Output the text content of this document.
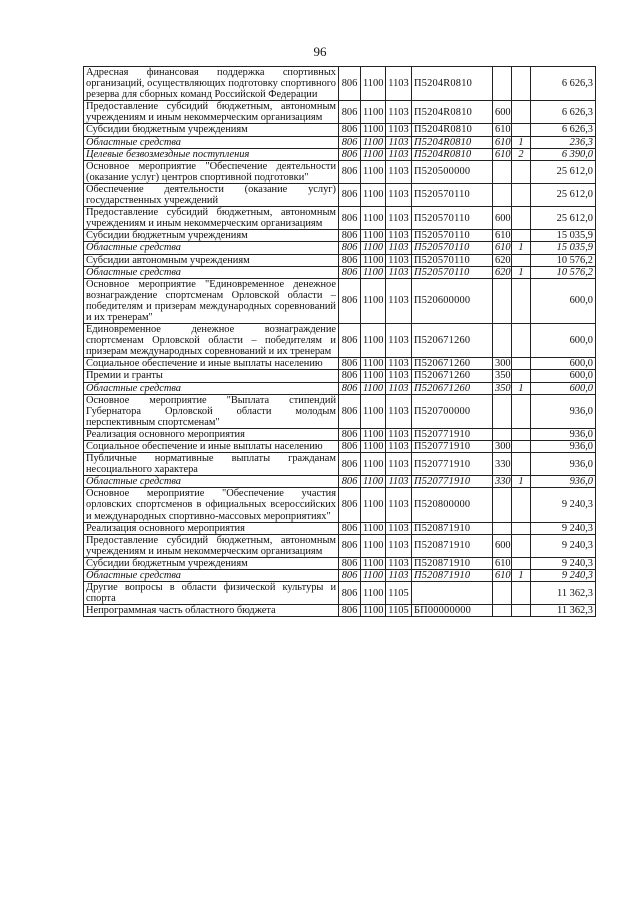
96
Адресная финансовая поддержка спортивных организаций, осуществляющих подготовку спортивного резерва для сборных команд Российской Федерации	806	1100	1103	П5204R0810			6 626,3
Предоставление субсидий бюджетным, автономным учреждениям и иным некоммерческим организациям	806	1100	1103	П5204R0810	600		6 626,3
Субсидии бюджетным учреждениям	806	1100	1103	П5204R0810	610		6 626,3
Областные средства	806	1100	1103	П5204R0810	610	1	236,3
Целевые безвозмездные поступления	806	1100	1103	П5204R0810	610	2	6 390,0
Основное мероприятие "Обеспечение деятельности (оказание услуг) центров спортивной подготовки"	806	1100	1103	П520500000			25 612,0
Обеспечение деятельности (оказание услуг) государственных учреждений	806	1100	1103	П520570110			25 612,0
Предоставление субсидий бюджетным, автономным учреждениям и иным некоммерческим организациям	806	1100	1103	П520570110	600		25 612,0
Субсидии бюджетным учреждениям	806	1100	1103	П520570110	610		15 035,9
Областные средства	806	1100	1103	П520570110	610	1	15 035,9
Субсидии автономным учреждениям	806	1100	1103	П520570110	620		10 576,2
Областные средства	806	1100	1103	П520570110	620	1	10 576,2
Основное мероприятие "Единовременное денежное вознаграждение спортсменам Орловской области – победителям и призерам международных соревнований и их тренерам"	806	1100	1103	П520600000			600,0
Единовременное денежное вознаграждение спортсменам Орловской области – победителям и призерам международных соревнований и их тренерам	806	1100	1103	П520671260			600,0
Социальное обеспечение и иные выплаты населению	806	1100	1103	П520671260	300		600,0
Премии и гранты	806	1100	1103	П520671260	350		600,0
Областные средства	806	1100	1103	П520671260	350	1	600,0
Основное мероприятие "Выплата стипендий Губернатора Орловской области молодым перспективным спортсменам"	806	1100	1103	П520700000			936,0
Реализация основного мероприятия	806	1100	1103	П520771910			936,0
Социальное обеспечение и иные выплаты населению	806	1100	1103	П520771910	300		936,0
Публичные нормативные выплаты гражданам несоциального характера	806	1100	1103	П520771910	330		936,0
Областные средства	806	1100	1103	П520771910	330	1	936,0
Основное мероприятие "Обеспечение участия орловских спортсменов в официальных всероссийских и международных спортивно-массовых мероприятиях"	806	1100	1103	П520800000			9 240,3
Реализация основного мероприятия	806	1100	1103	П520871910			9 240,3
Предоставление субсидий бюджетным, автономным учреждениям и иным некоммерческим организациям	806	1100	1103	П520871910	600		9 240,3
Субсидии бюджетным учреждениям	806	1100	1103	П520871910	610		9 240,3
Областные средства	806	1100	1103	П520871910	610	1	9 240,3
Другие вопросы в области физической культуры и спорта	806	1100	1105				11 362,3
Непрограммная часть областного бюджета	806	1100	1105	БП00000000			11 362,3
